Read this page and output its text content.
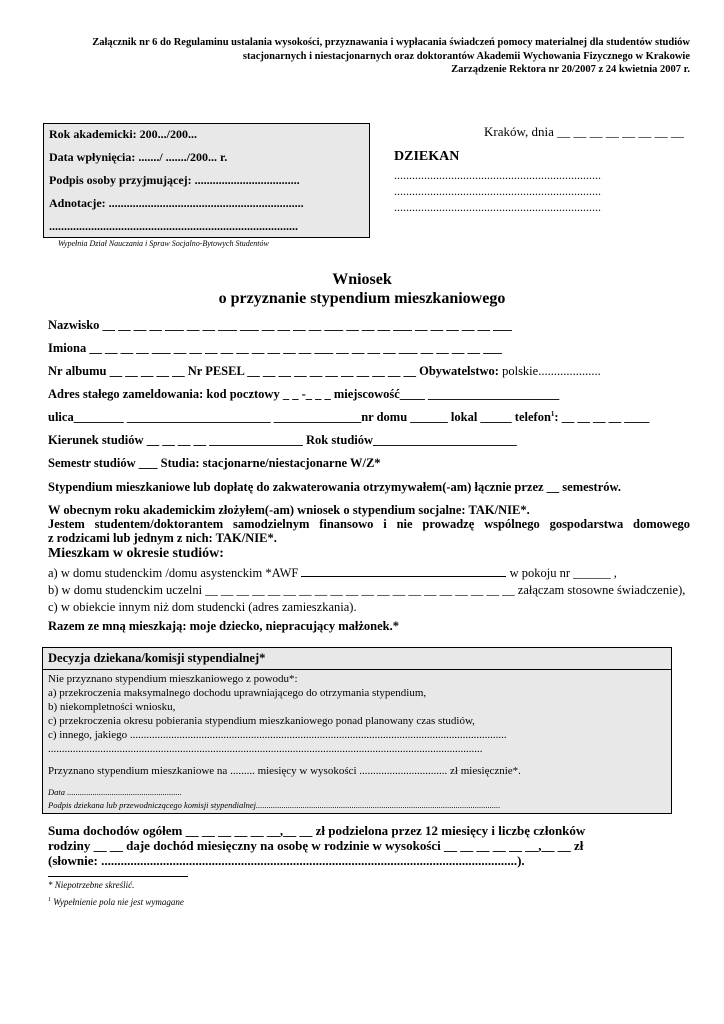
Załącznik nr 6 do Regulaminu ustalania wysokości, przyznawania i wypłacania świadczeń pomocy materialnej dla studentów studiów
stacjonarnych i niestacjonarnych oraz doktorantów Akademii Wychowania Fizycznego w Krakowie
Zarządzenie Rektora nr 20/2007 z 24 kwietnia 2007 r.
Rok akademicki: 200.../200...
Data wpłynięcia: ......./ ......./200... r.
Podpis osoby przyjmującej: ...................................
Adnotacje: .................................................................
...................................................................................
Wypełnia Dział Nauczania i Spraw Socjalno-Bytowych Studentów
Kraków, dnia __ __ __ __ __ __ __ __
DZIEKAN
.....................................................................
.....................................................................
.....................................................................
Wniosek
o przyznanie stypendium mieszkaniowego
Nazwisko __ __ __ __ ___ __ __ ___ ___ __ __ __ __ ___ __ __ __ ___ __ __ __ __ __ ___
Imiona __ __ __ __ ___ __ __ __ __ __ __ __ __ __ ___ __ __ __ __ ___ __ __ __ __ ___
Nr albumu __ __ __ __ __ Nr PESEL __ __ __ __ __ __ __ __ __ __ __ Obywatelstwo: polskie....................
Adres stałego zameldowania: kod pocztowy _ _ -_ _ _ miejscowość____ _____________________
ulica________ _______________________ ______________nr domu ______ lokal _____ telefon$^1$: __ __ __ __ ____
Kierunek studiów __ __ __ __ _______________ Rok studiów_______________________
Semestr studiów ___ Studia: stacjonarne/niestacjonarne W/Z*
Stypendium mieszkaniowe lub dopłatę do zakwaterowania otrzymywałem(-am) łącznie przez __ semestrów.
W obecnym roku akademickim złożyłem(-am) wniosek o stypendium socjalne: TAK/NIE*.
Jestem studentem/doktorantem samodzielnym finansowo i nie prowadzę wspólnego gospodarstwa domowego
z rodzicami lub jednym z nich: TAK/NIE*.
Mieszkam w okresie studiów:
a) w domu studenckim /domu asystenckim *AWF	w pokoju nr ______ ,
b) w domu studenckim uczelni __ __ __ __ __ __ __ __ __ __ __ __ __ __ __ __ __ __ __ __ załączam stosowne świadczenie),
c) w obiekcie innym niż dom studencki (adres zamieszkania).
Razem ze mną mieszkają: moje dziecko, niepracujący małżonek.*
Decyzja dziekana/komisji stypendialnej*
Nie przyznano stypendium mieszkaniowego z powodu*:
a) przekroczenia maksymalnego dochodu uprawniającego do otrzymania stypendium,
b) niekompletności wniosku,
c) przekroczenia okresu pobierania stypendium mieszkaniowego ponad planowany czas studiów,
c) innego, jakiego .........................................................................................................................................
..............................................................................................................................................................
Przyznano stypendium mieszkaniowe na ......... miesięcy w wysokości ................................ zł miesięcznie*.
Data ......................................................
Podpis dziekana lub przewodniczącego komisji stypendialnej...................................................................................................................
Suma dochodów ogółem __ __ __ __ __ __,__ __ zł podzielona przez 12 miesięcy i liczbę członków
rodziny __ __ daje dochód miesięczny na osobę w rodzinie w wysokości __ __ __ __ __ __,__ __ zł
(słownie: ................................................................................................................................).
* Niepotrzebne skreślić.
$^1$ Wypełnienie pola nie jest wymagane
